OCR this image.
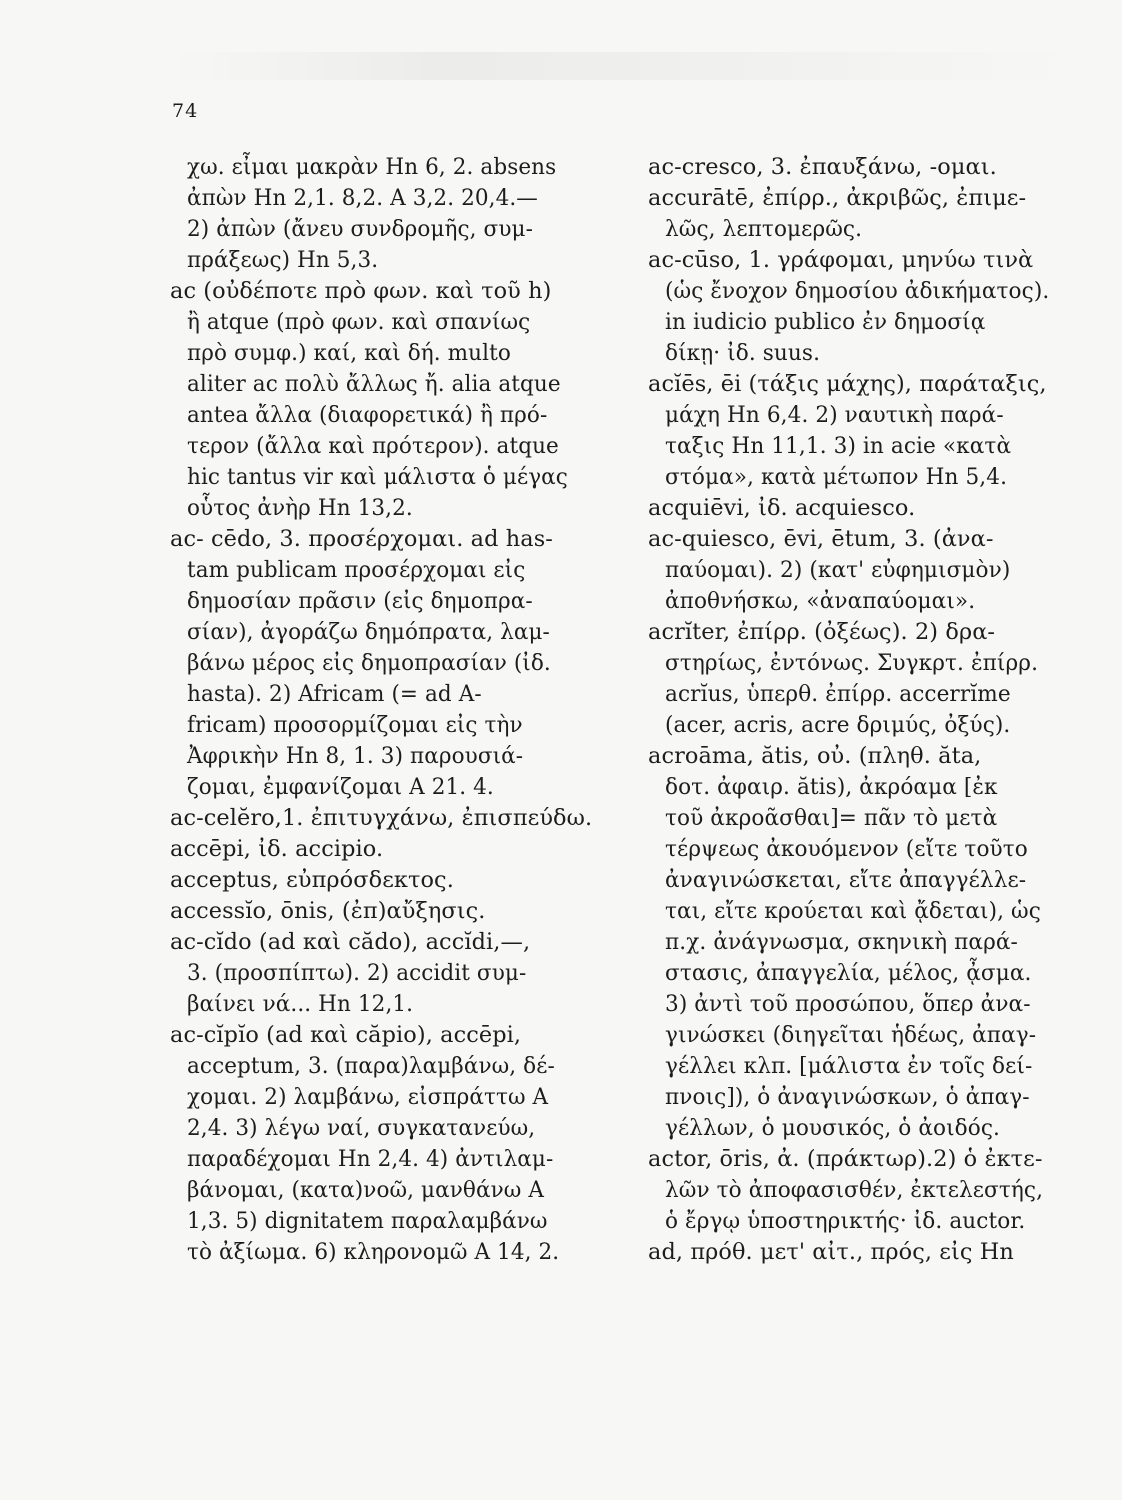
74
χω. εἶμαι μακρὰν Hn 6, 2. absens
ἀπὼν Hn 2,1. 8,2. A 3,2. 20,4.—
2) ἀπὼν (ἄνευ συνδρομῆς, συμ-
πράξεως) Hn 5,3.
ac (οὐδέποτε πρὸ φων. καὶ τοῦ h)
ἢ atque (πρὸ φων. καὶ σπανίως
πρὸ συμφ.) καί, καὶ δή. multo
aliter ac πολὺ ἄλλως ἤ. alia atque
antea ἄλλα (διαφορετικά) ἢ πρό-
τερον (ἄλλα καὶ πρότερον). atque
hic tantus vir καὶ μάλιστα ὁ μέγας
οὗτος ἀνὴρ Hn 13,2.
ac- cēdo, 3. προσέρχομαι. ad has-
tam publicam προσέρχομαι εἰς
δημοσίαν πρᾶσιν (εἰς δημοπρα-
σίαν), ἀγοράζω δημόπρατα, λαμ-
βάνω μέρος εἰς δημοπρασίαν (ἰδ.
hasta). 2) Africam (= ad A-
fricam) προσορμίζομαι εἰς τὴν
Ἀφρικὴν Hn 8, 1. 3) παρουσιά-
ζομαι, ἐμφανίζομαι A 21. 4.
ac-celĕro,1. ἐπιτυγχάνω, ἐπισπεύδω.
accēpi, ἰδ. accipio.
acceptus, εὐπρόσδεκτος.
accessĭo, ōnis, (ἐπ)αὔξησις.
ac-cĭdo (ad καὶ cădo), accĭdi,—,
3. (προσπίπτω). 2) accidit συμ-
βαίνει νά... Hn 12,1.
ac-cĭpĭo (ad καὶ căpio), accēpi,
acceptum, 3. (παρα)λαμβάνω, δέ-
χομαι. 2) λαμβάνω, εἰσπράττω A
2,4. 3) λέγω ναί, συγκατανεύω,
παραδέχομαι Hn 2,4. 4) ἀντιλαμ-
βάνομαι, (κατα)νοῶ, μανθάνω A
1,3. 5) dignitatem παραλαμβάνω
τὸ ἀξίωμα. 6) κληρονομῶ A 14, 2.
ac-cresco, 3. ἐπαυξάνω, -ομαι.
accurātē, ἐπίρρ., ἀκριβῶς, ἐπιμε-
λῶς, λεπτομερῶς.
ac-cūso, 1. γράφομαι, μηνύω τινὰ
(ὡς ἔνοχον δημοσίου ἀδικήματος).
in iudicio publico ἐν δημοσίᾳ
δίκῃ· ἰδ. suus.
acĭēs, ēi (τάξις μάχης), παράταξις,
μάχη Hn 6,4. 2) ναυτικὴ παρά-
ταξις Hn 11,1. 3) in acie «κατὰ
στόμα», κατὰ μέτωπον Hn 5,4.
acquiēvi, ἰδ. acquiesco.
ac-quiesco, ēvi, ētum, 3. (ἀνα-
παύομαι). 2) (κατ' εὐφημισμὸν)
ἀποθνήσκω, «ἀναπαύομαι».
acrĭter, ἐπίρρ. (ὀξέως). 2) δρα-
στηρίως, ἐντόνως. Συγκρτ. ἐπίρρ.
acrĭus, ὑπερθ. ἐπίρρ. accerrĭme
(acer, acris, acre δριμύς, ὀξύς).
acroāma, ătis, οὐ. (πληθ. ăta,
δοτ. ἀφαιρ. ătis), ἀκρόαμα [ἐκ
τοῦ ἀκροᾶσθαι]= πᾶν τὸ μετὰ
τέρψεως ἀκουόμενον (εἴτε τοῦτο
ἀναγινώσκεται, εἴτε ἀπαγγέλλε-
ται, εἴτε κρούεται καὶ ᾄδεται), ὡς
π.χ. ἀνάγνωσμα, σκηνικὴ παρά-
στασις, ἀπαγγελία, μέλος, ᾆσμα.
3) ἀντὶ τοῦ προσώπου, ὅπερ ἀνα-
γινώσκει (διηγεῖται ἡδέως, ἀπαγ-
γέλλει κλπ. [μάλιστα ἐν τοῖς δεί-
πνοις]), ὁ ἀναγινώσκων, ὁ ἀπαγ-
γέλλων, ὁ μουσικός, ὁ ἀοιδός.
actor, ōris, ἀ. (πράκτωρ).2) ὁ ἐκτε-
λῶν τὸ ἀποφασισθέν, ἐκτελεστής,
ὁ ἔργῳ ὑποστηρικτής· ἰδ. auctor.
ad, πρόθ. μετ' αἰτ., πρός, εἰς Hn
